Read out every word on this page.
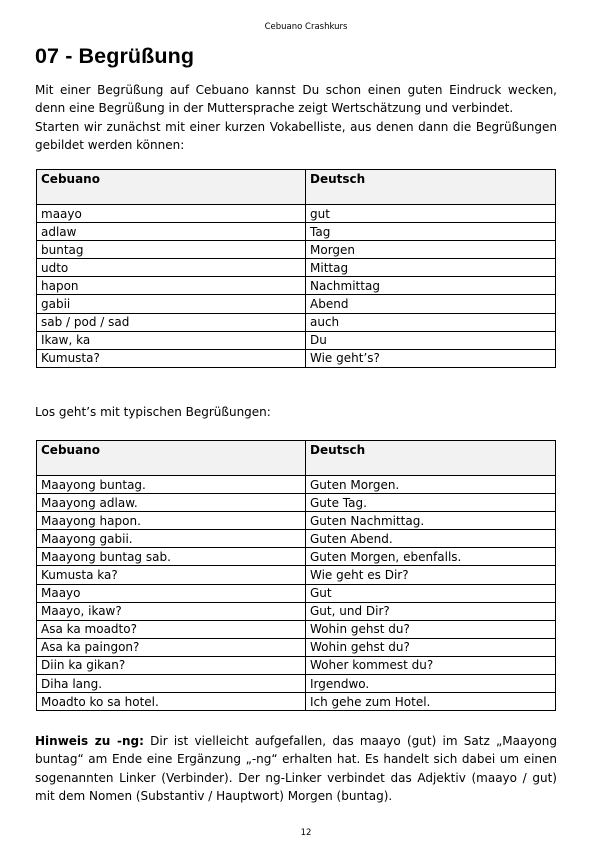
Cebuano Crashkurs
07 - Begrüßung

Mit einer Begrüßung auf Cebuano kannst Du schon einen guten Eindruck wecken, denn eine Begrüßung in der Muttersprache zeigt Wertschätzung und verbindet.

Starten wir zunächst mit einer kurzen Vokabelliste, aus denen dann die Begrüßungen gebildet werden können:

Cebuano	Deutsch
maayo	gut
adlaw	Tag
buntag	Morgen
udto	Mittag
hapon	Nachmittag
gabii	Abend
sab / pod / sad	auch
Ikaw, ka	Du
Kumusta?	Wie geht’s?
Los geht’s mit typischen Begrüßungen:
Cebuano	Deutsch
Maayong buntag.	Guten Morgen.
Maayong adlaw.	Gute Tag.
Maayong hapon.	Guten Nachmittag.
Maayong gabii.	Guten Abend.
Maayong buntag sab.	Guten Morgen, ebenfalls.
Kumusta ka?	Wie geht es Dir?
Maayo	Gut
Maayo, ikaw?	Gut, und Dir?
Asa ka moadto?	Wohin gehst du?
Asa ka paingon?	Wohin gehst du?
Diin ka gikan?	Woher kommest du?
Diha lang.	Irgendwo.
Moadto ko sa hotel.	Ich gehe zum Hotel.
Hinweis zu -ng: Dir ist vielleicht aufgefallen, das maayo (gut) im Satz „Maayong buntag“ am Ende eine Ergänzung „-ng“ erhalten hat. Es handelt sich dabei um einen sogenannten Linker (Verbinder). Der ng-Linker verbindet das Adjektiv (maayo / gut) mit dem Nomen (Substantiv / Hauptwort) Morgen (buntag).
12
